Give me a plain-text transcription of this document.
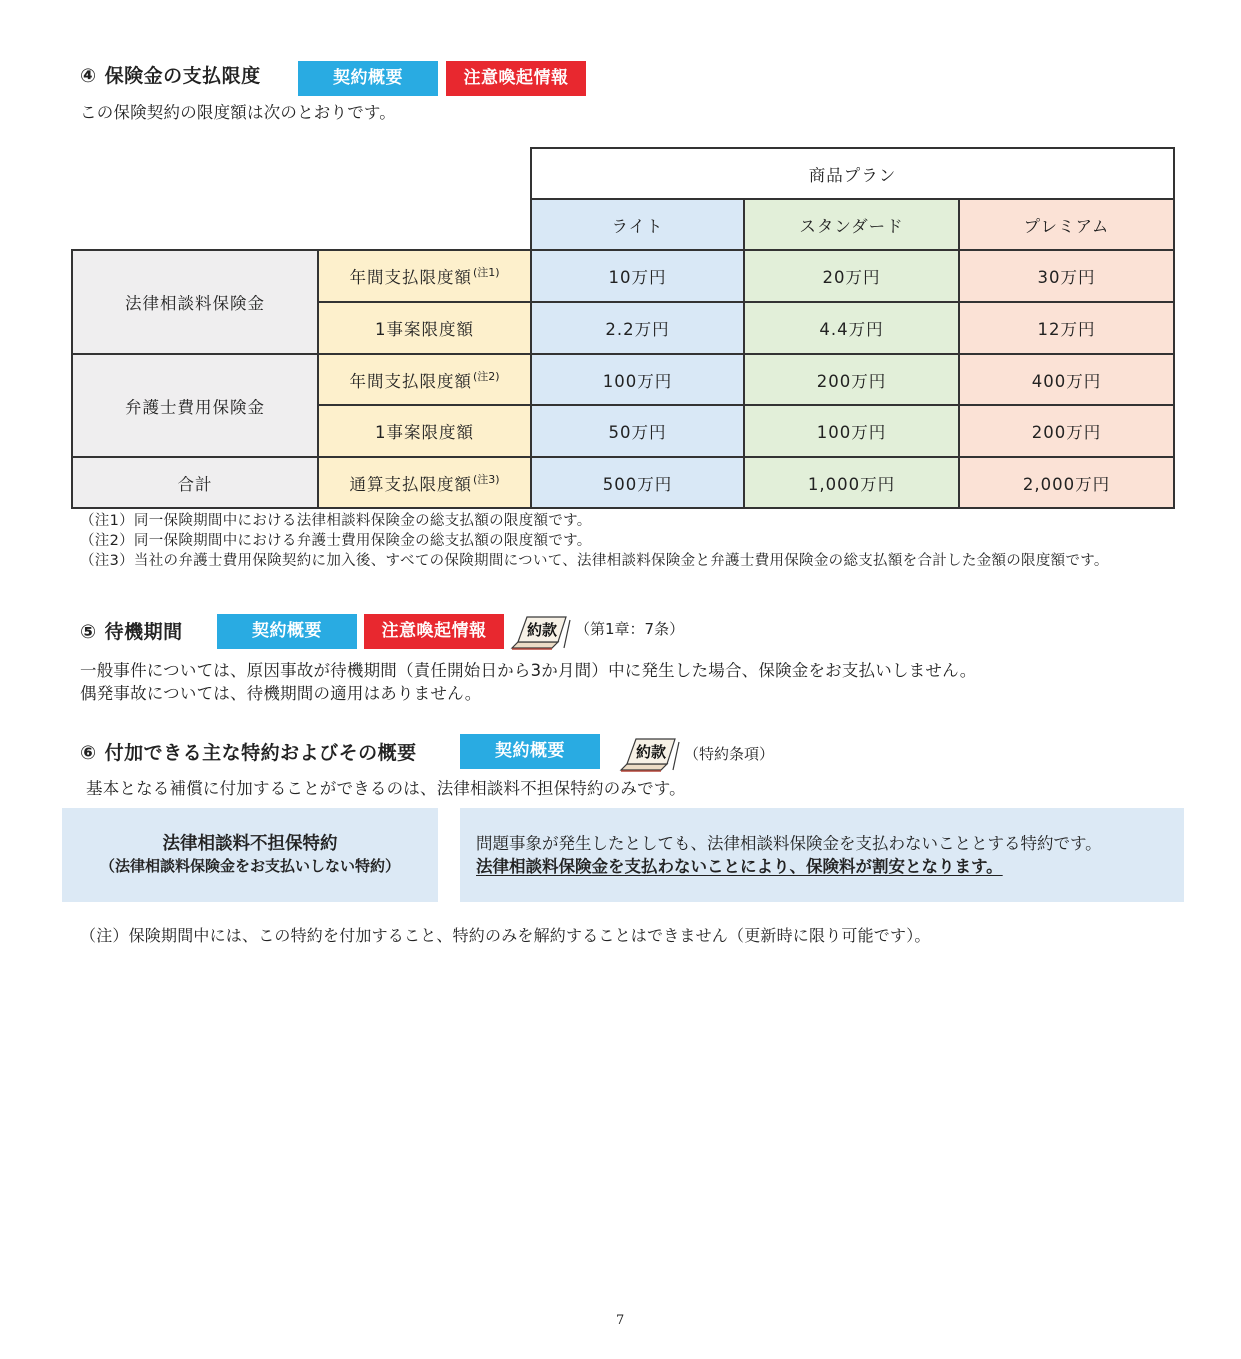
④ 保険金の支払限度	契約概要	注意喚起情報
この保険契約の限度額は次のとおりです。
		商品プラン		
		ライト	スタンダード	プレミアム
法律相談料保険金	年間支払限度額$^{(注1)}$	10万円	20万円	30万円
	1事案限度額	2.2万円	4.4万円	12万円
弁護士費用保険金	年間支払限度額$^{(注2)}$	100万円	200万円	400万円
	1事案限度額	50万円	100万円	200万円
合計	通算支払限度額$^{(注3)}$	500万円	1,000万円	2,000万円
（注1）同一保険期間中における法律相談料保険金の総支払額の限度額です。
（注2）同一保険期間中における弁護士費用保険金の総支払額の限度額です。
（注3）当社の弁護士費用保険契約に加入後、すべての保険期間について、法律相談料保険金と弁護士費用保険金の総支払額を合計した金額の限度額です。
⑤ 待機期間	契約概要	注意喚起情報	約款 （第1章：7条）
一般事件については、原因事故が待機期間（責任開始日から3か月間）中に発生した場合、保険金をお支払いしません。
偶発事故については、待機期間の適用はありません。
⑥ 付加できる主な特約およびその概要	契約概要	約款 （特約条項）
基本となる補償に付加することができるのは、法律相談料不担保特約のみです。
法律相談料不担保特約
（法律相談料保険金をお支払いしない特約）
問題事象が発生したとしても、法律相談料保険金を支払わないこととする特約です。
法律相談料保険金を支払わないことにより、保険料が割安となります。
（注）保険期間中には、この特約を付加すること、特約のみを解約することはできません（更新時に限り可能です）。
7
